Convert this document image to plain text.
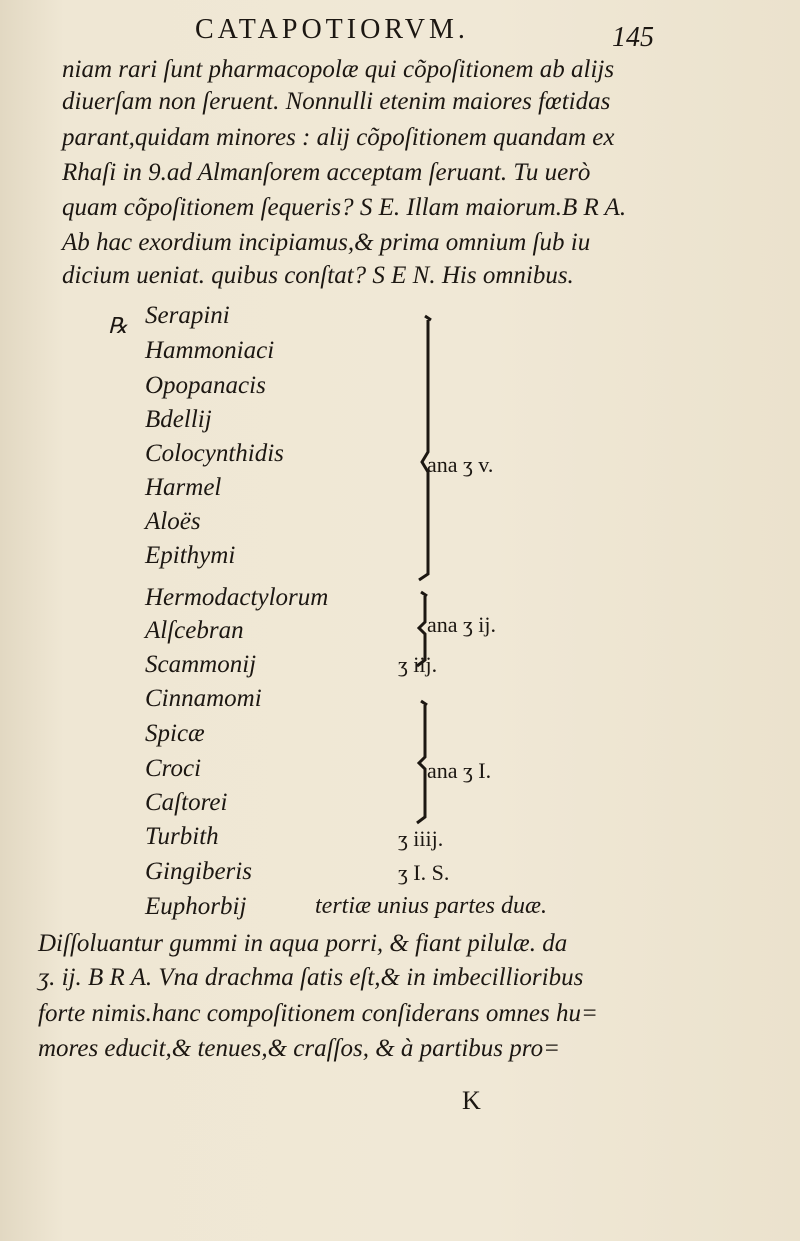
CATAPOTIORVM.	145
niam rari ſunt pharmacopolæ qui cõpoſitionem ab alijs
diuerſam non ſeruent. Nonnulli etenim maiores fœtidas
parant,quidam minores : alij cõpoſitionem quandam ex
Rhaſi in 9.ad Almanſorem acceptam ſeruant. Tu uerò
quam cõpoſitionem ſequeris? S E. Illam maiorum.B R A.
Ab hac exordium incipiamus,& prima omnium ſub iu
dicium ueniat. quibus conſtat? S E N. His omnibus.
℞ Serapini
Hammoniaci
Opopanacis
Bdellij
Colocynthidis
Harmel
Aloës
Epithymi
Hermodactylorum
Alſcebran
Scammonij
Cinnamomi
Spicæ
Croci
Caſtorei
Turbith
Gingiberis
Euphorbij
ana ʒ v.
ana ʒ ij.
ʒ iij.
ana ʒ I.
ʒ iiij.
ʒ I. S.
tertiæ unius partes duæ.
Diſſoluantur gummi in aqua porri, & fiant pilulæ. da
ʒ. ij. B R A. Vna drachma ſatis eſt,& in imbecillioribus
forte nimis.hanc compoſitionem conſiderans omnes hu=
mores educit,& tenues,& craſſos, & à partibus pro=
K
